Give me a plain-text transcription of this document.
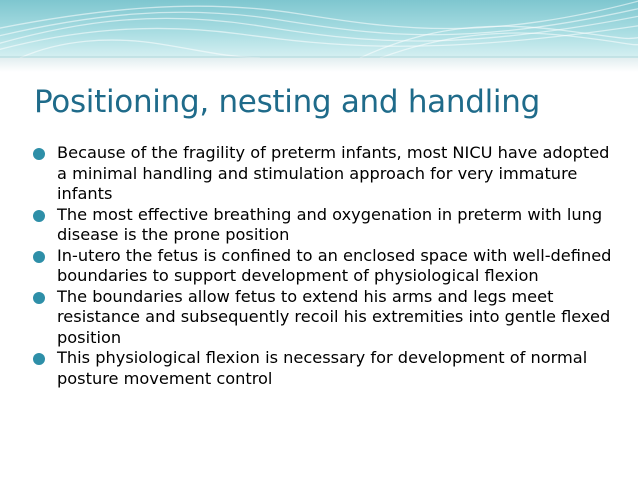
Positioning, nesting and handling
Because of the fragility of preterm infants, most NICU have adopted a minimal handling and stimulation approach for very immature infants
The most effective breathing and oxygenation in preterm with lung disease is the prone position
In-utero the fetus is confined to an enclosed space with well-defined boundaries to support development of physiological flexion
The boundaries allow fetus to extend his arms and legs meet resistance and subsequently recoil his extremities into gentle flexed position
This physiological flexion is necessary for development of normal posture movement control
